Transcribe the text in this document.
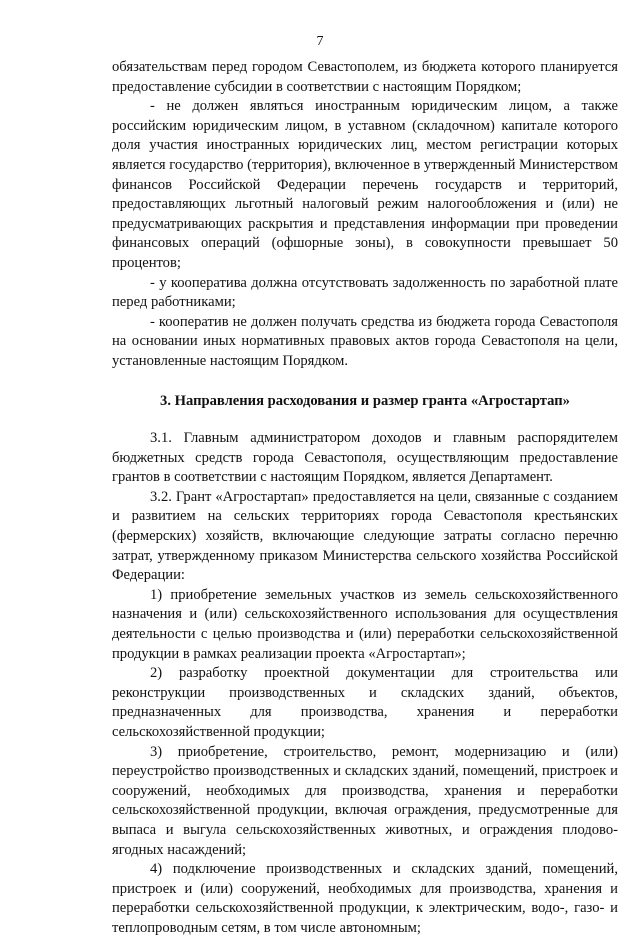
7

обязательствам перед городом Севастополем, из бюджета которого планируется предоставление субсидии в соответствии с настоящим Порядком;

- не должен являться иностранным юридическим лицом, а также российским юридическим лицом, в уставном (складочном) капитале которого доля участия иностранных юридических лиц, местом регистрации которых является государство (территория), включенное в утвержденный Министерством финансов Российской Федерации перечень государств и территорий, предоставляющих льготный налоговый режим налогообложения и (или) не предусматривающих раскрытия и представления информации при проведении финансовых операций (офшорные зоны), в совокупности превышает 50 процентов;

- у кооператива должна отсутствовать задолженность по заработной плате перед работниками;

- кооператив не должен получать средства из бюджета города Севастополя на основании иных нормативных правовых актов города Севастополя на цели, установленные настоящим Порядком.

3. Направления расходования и размер гранта «Агростартап»

3.1. Главным администратором доходов и главным распорядителем бюджетных средств города Севастополя, осуществляющим предоставление грантов в соответствии с настоящим Порядком, является Департамент.

3.2. Грант «Агростартап» предоставляется на цели, связанные с созданием и развитием на сельских территориях города Севастополя крестьянских (фермерских) хозяйств, включающие следующие затраты согласно перечню затрат, утвержденному приказом Министерства сельского хозяйства Российской Федерации:

1) приобретение земельных участков из земель сельскохозяйственного назначения и (или) сельскохозяйственного использования для осуществления деятельности с целью производства и (или) переработки сельскохозяйственной продукции в рамках реализации проекта «Агростартап»;

2) разработку проектной документации для строительства или реконструкции производственных и складских зданий, объектов, предназначенных для производства, хранения и переработки сельскохозяйственной продукции;

3) приобретение, строительство, ремонт, модернизацию и (или) переустройство производственных и складских зданий, помещений, пристроек и сооружений, необходимых для производства, хранения и переработки сельскохозяйственной продукции, включая ограждения, предусмотренные для выпаса и выгула сельскохозяйственных животных, и ограждения плодово-ягодных насаждений;

4) подключение производственных и складских зданий, помещений, пристроек и (или) сооружений, необходимых для производства, хранения и переработки сельскохозяйственной продукции, к электрическим, водо-, газо- и теплопроводным сетям, в том числе автономным;
